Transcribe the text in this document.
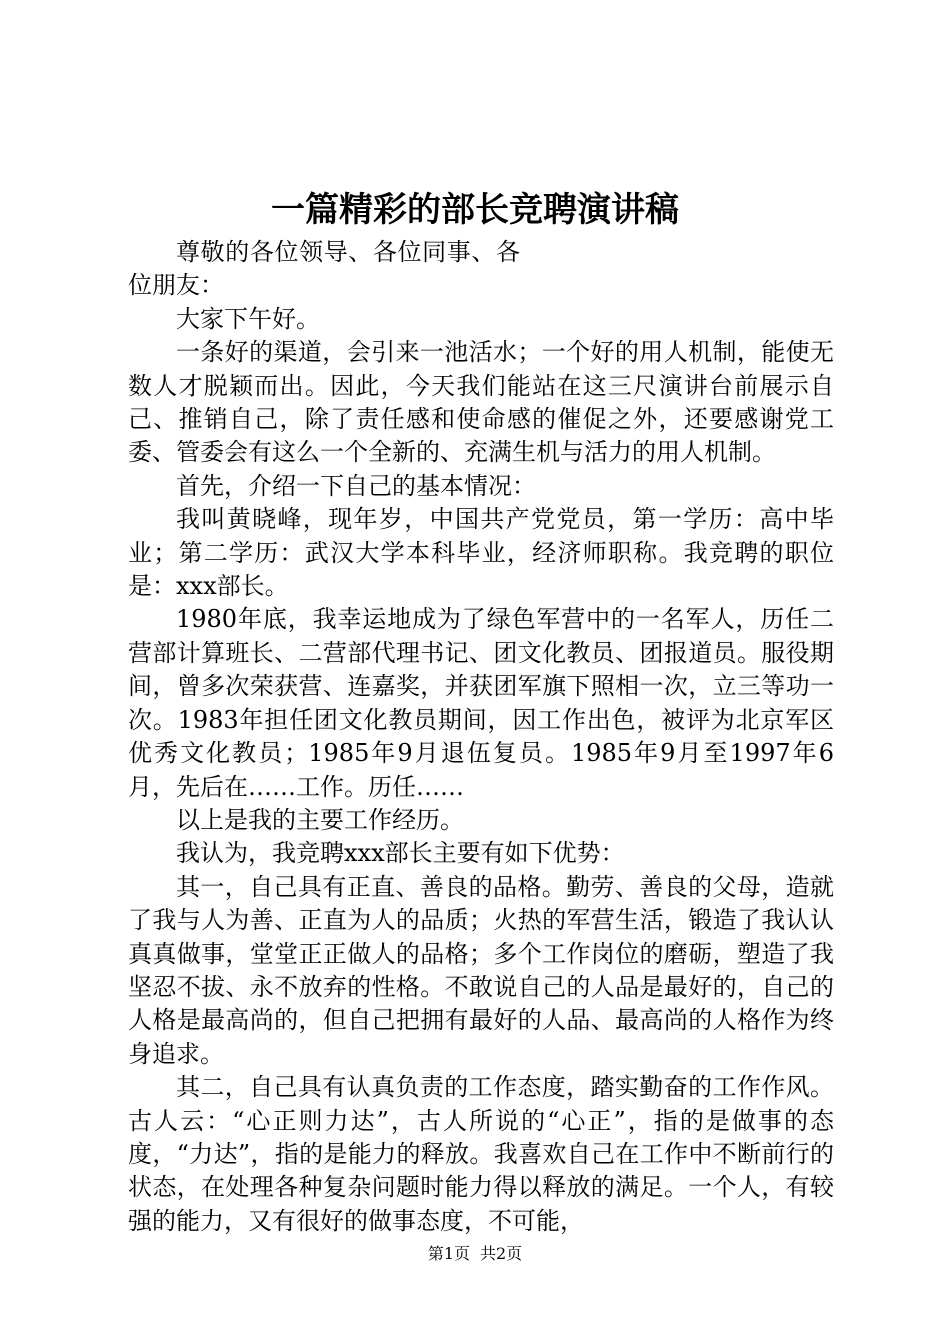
一篇精彩的部长竞聘演讲稿

尊敬的各位领导、各位同事、各位朋友：

大家下午好。

一条好的渠道，会引来一池活水；一个好的用人机制，能使无数人才脱颖而出。因此，今天我们能站在这三尺演讲台前展示自己、推销自己，除了责任感和使命感的催促之外，还要感谢党工委、管委会有这么一个全新的、充满生机与活力的用人机制。

首先，介绍一下自己的基本情况：

我叫黄晓峰，现年岁，中国共产党党员，第一学历：高中毕业；第二学历：武汉大学本科毕业，经济师职称。我竞聘的职位是：xxx部长。

1980年底，我幸运地成为了绿色军营中的一名军人，历任二营部计算班长、二营部代理书记、团文化教员、团报道员。服役期间，曾多次荣获营、连嘉奖，并获团军旗下照相一次，立三等功一次。1983年担任团文化教员期间，因工作出色，被评为北京军区优秀文化教员；1985年9月退伍复员。1985年9月至1997年6月，先后在……工作。历任……

以上是我的主要工作经历。

我认为，我竞聘xxx部长主要有如下优势：

其一，自己具有正直、善良的品格。勤劳、善良的父母，造就了我与人为善、正直为人的品质；火热的军营生活，锻造了我认认真真做事，堂堂正正做人的品格；多个工作岗位的磨砺，塑造了我坚忍不拔、永不放弃的性格。不敢说自己的人品是最好的，自己的人格是最高尚的，但自己把拥有最好的人品、最高尚的人格作为终身追求。

其二，自己具有认真负责的工作态度，踏实勤奋的工作作风。古人云：“心正则力达”，古人所说的“心正”，指的是做事的态度，“力达”，指的是能力的释放。我喜欢自己在工作中不断前行的状态，在处理各种复杂问题时能力得以释放的满足。一个人，有较强的能力，又有很好的做事态度，不可能，

第1页 共2页
